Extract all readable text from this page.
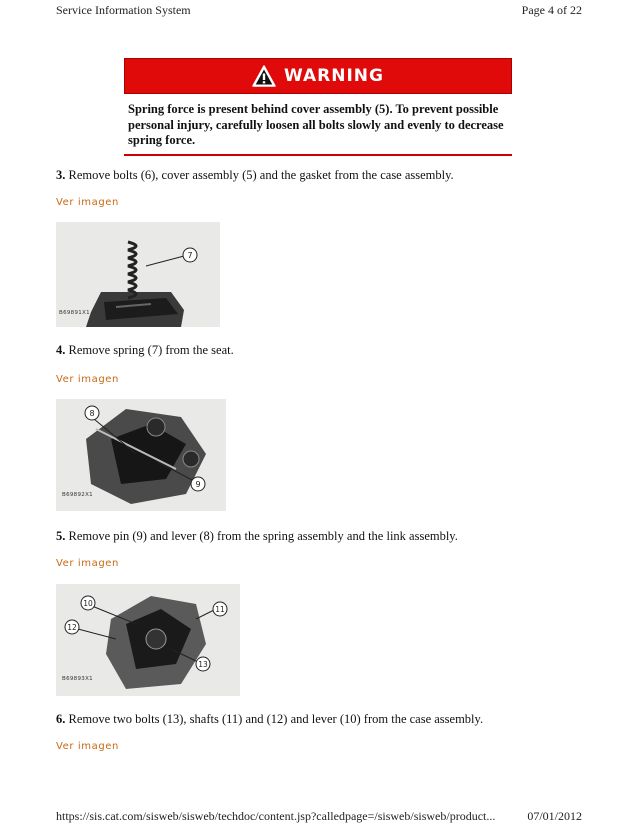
Service Information System	Page 4 of 22
WARNING
Spring force is present behind cover assembly (5). To prevent possible personal injury, carefully loosen all bolts slowly and evenly to decrease spring force.
3. Remove bolts (6), cover assembly (5) and the gasket from the case assembly.
Ver imagen
7
B69891X1
4. Remove spring (7) from the seat.
Ver imagen
8
9
B69892X1
5. Remove pin (9) and lever (8) from the spring assembly and the link assembly.
Ver imagen
10
11
12
13
B69893X1
6. Remove two bolts (13), shafts (11) and (12) and lever (10) from the case assembly.
Ver imagen
https://sis.cat.com/sisweb/sisweb/techdoc/content.jsp?calledpage=/sisweb/sisweb/product...	07/01/2012
